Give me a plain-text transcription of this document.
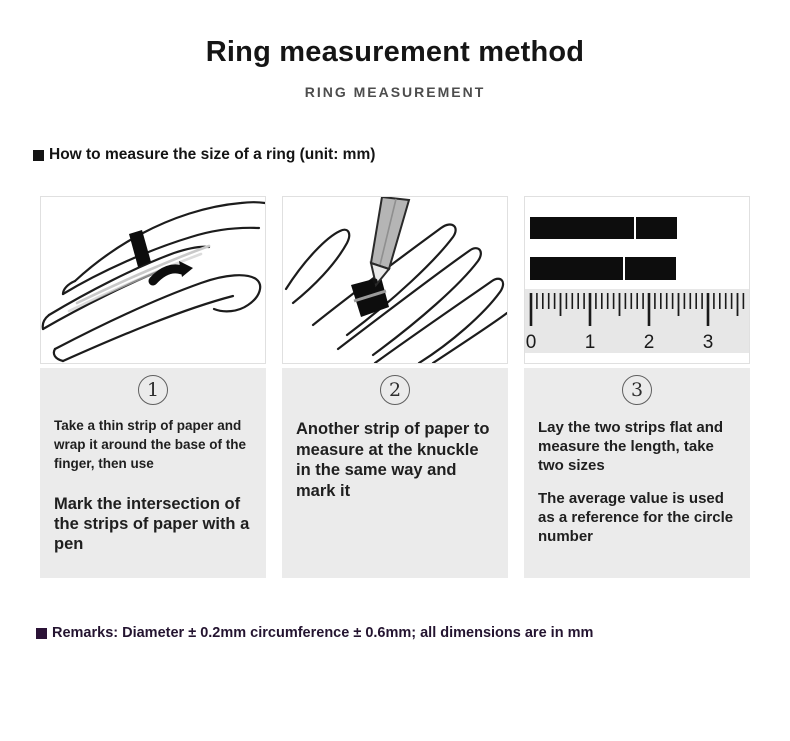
Ring measurement method
RING MEASUREMENT
How to measure the size of a ring (unit: mm)
1

Take a thin strip of paper and wrap it around the base of the finger, then use

Mark the intersection of the strips of paper with a pen

2

Another strip of paper to measure at the knuckle in the same way and mark it

0	1	2	3
3

Lay the two strips flat and measure the length, take two sizes

The average value is used as a reference for the circle number

Remarks: Diameter ± 0.2mm circumference ± 0.6mm; all dimensions are in mm
